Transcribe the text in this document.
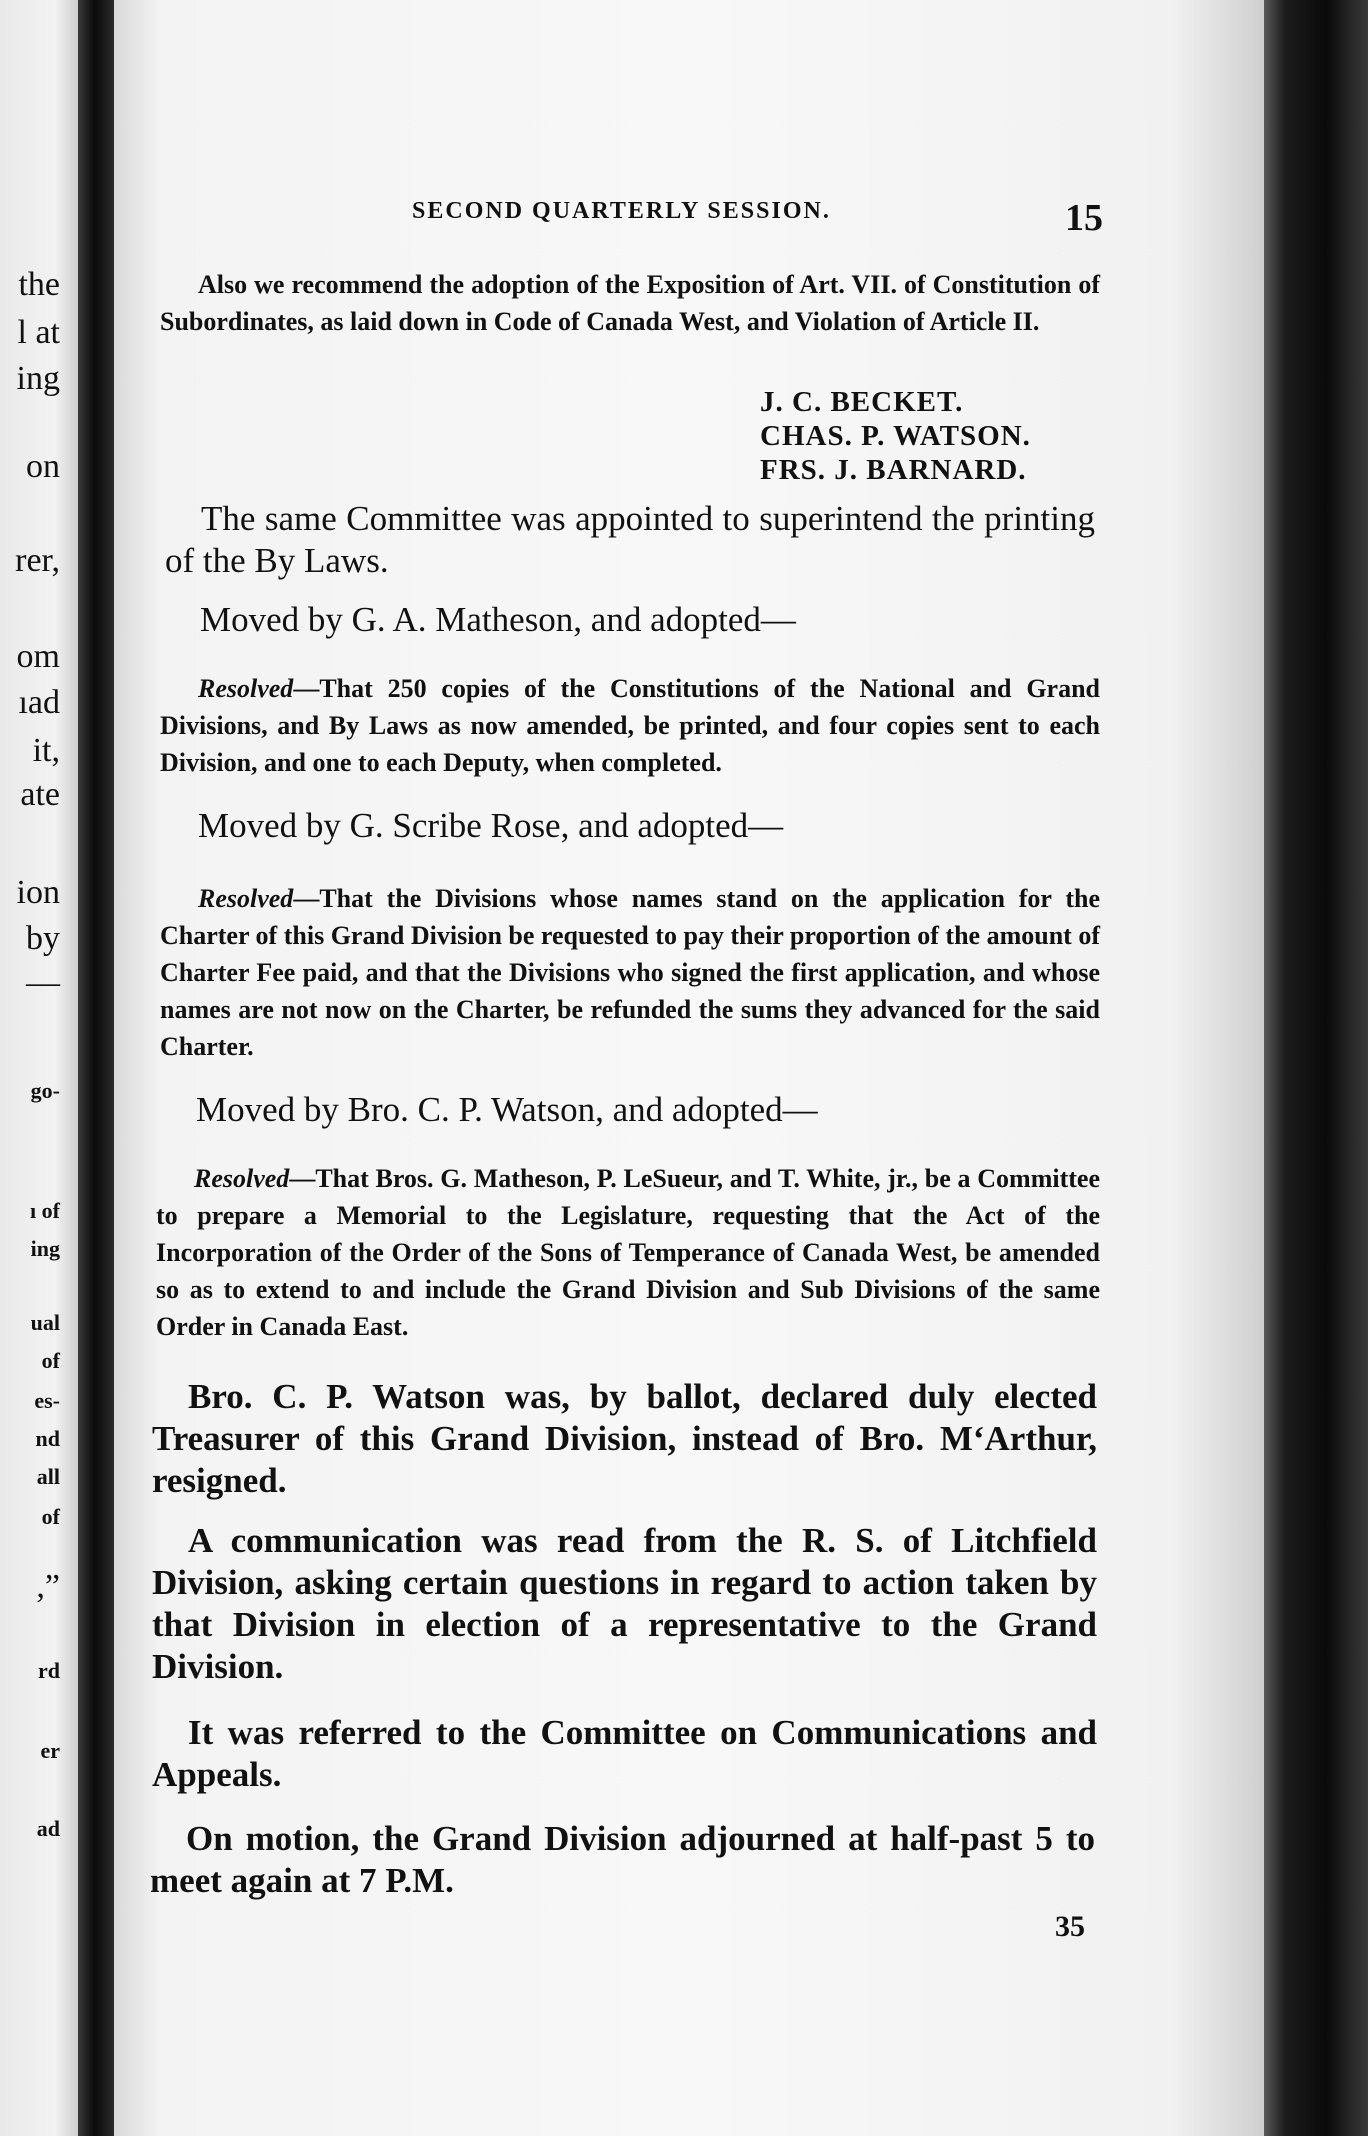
the
l at
ing
on
rer,
om
ıad
it,
ate
ion
by
—
go-
ı of
ing
ual
of
es-
nd
all
of
,”
rd
er
ad
SECOND QUARTERLY SESSION.	15

Also we recommend the adoption of the Exposition of Art. VII. of Constitution of Subordinates, as laid down in Code of Canada West, and Violation of Article II.

J. C. BECKET.
CHAS. P. WATSON.
FRS. J. BARNARD.

The same Committee was appointed to superintend the printing of the By Laws.

Moved by G. A. Matheson, and adopted—

Resolved—That 250 copies of the Constitutions of the National and Grand Divisions, and By Laws as now amended, be printed, and four copies sent to each Division, and one to each Deputy, when completed.

Moved by G. Scribe Rose, and adopted—

Resolved—That the Divisions whose names stand on the application for the Charter of this Grand Division be requested to pay their proportion of the amount of Charter Fee paid, and that the Divisions who signed the first application, and whose names are not now on the Charter, be refunded the sums they advanced for the said Charter.

Moved by Bro. C. P. Watson, and adopted—

Resolved—That Bros. G. Matheson, P. LeSueur, and T. White, jr., be a Committee to prepare a Memorial to the Legislature, requesting that the Act of the Incorporation of the Order of the Sons of Temperance of Canada West, be amended so as to extend to and include the Grand Division and Sub Divisions of the same Order in Canada East.

Bro. C. P. Watson was, by ballot, declared duly elected Treasurer of this Grand Division, instead of Bro. M‘Arthur, resigned.

A communication was read from the R. S. of Litchfield Division, asking certain questions in regard to action taken by that Division in election of a representative to the Grand Division.

It was referred to the Committee on Communications and Appeals.

On motion, the Grand Division adjourned at half-past 5 to meet again at 7 P.M.

35
